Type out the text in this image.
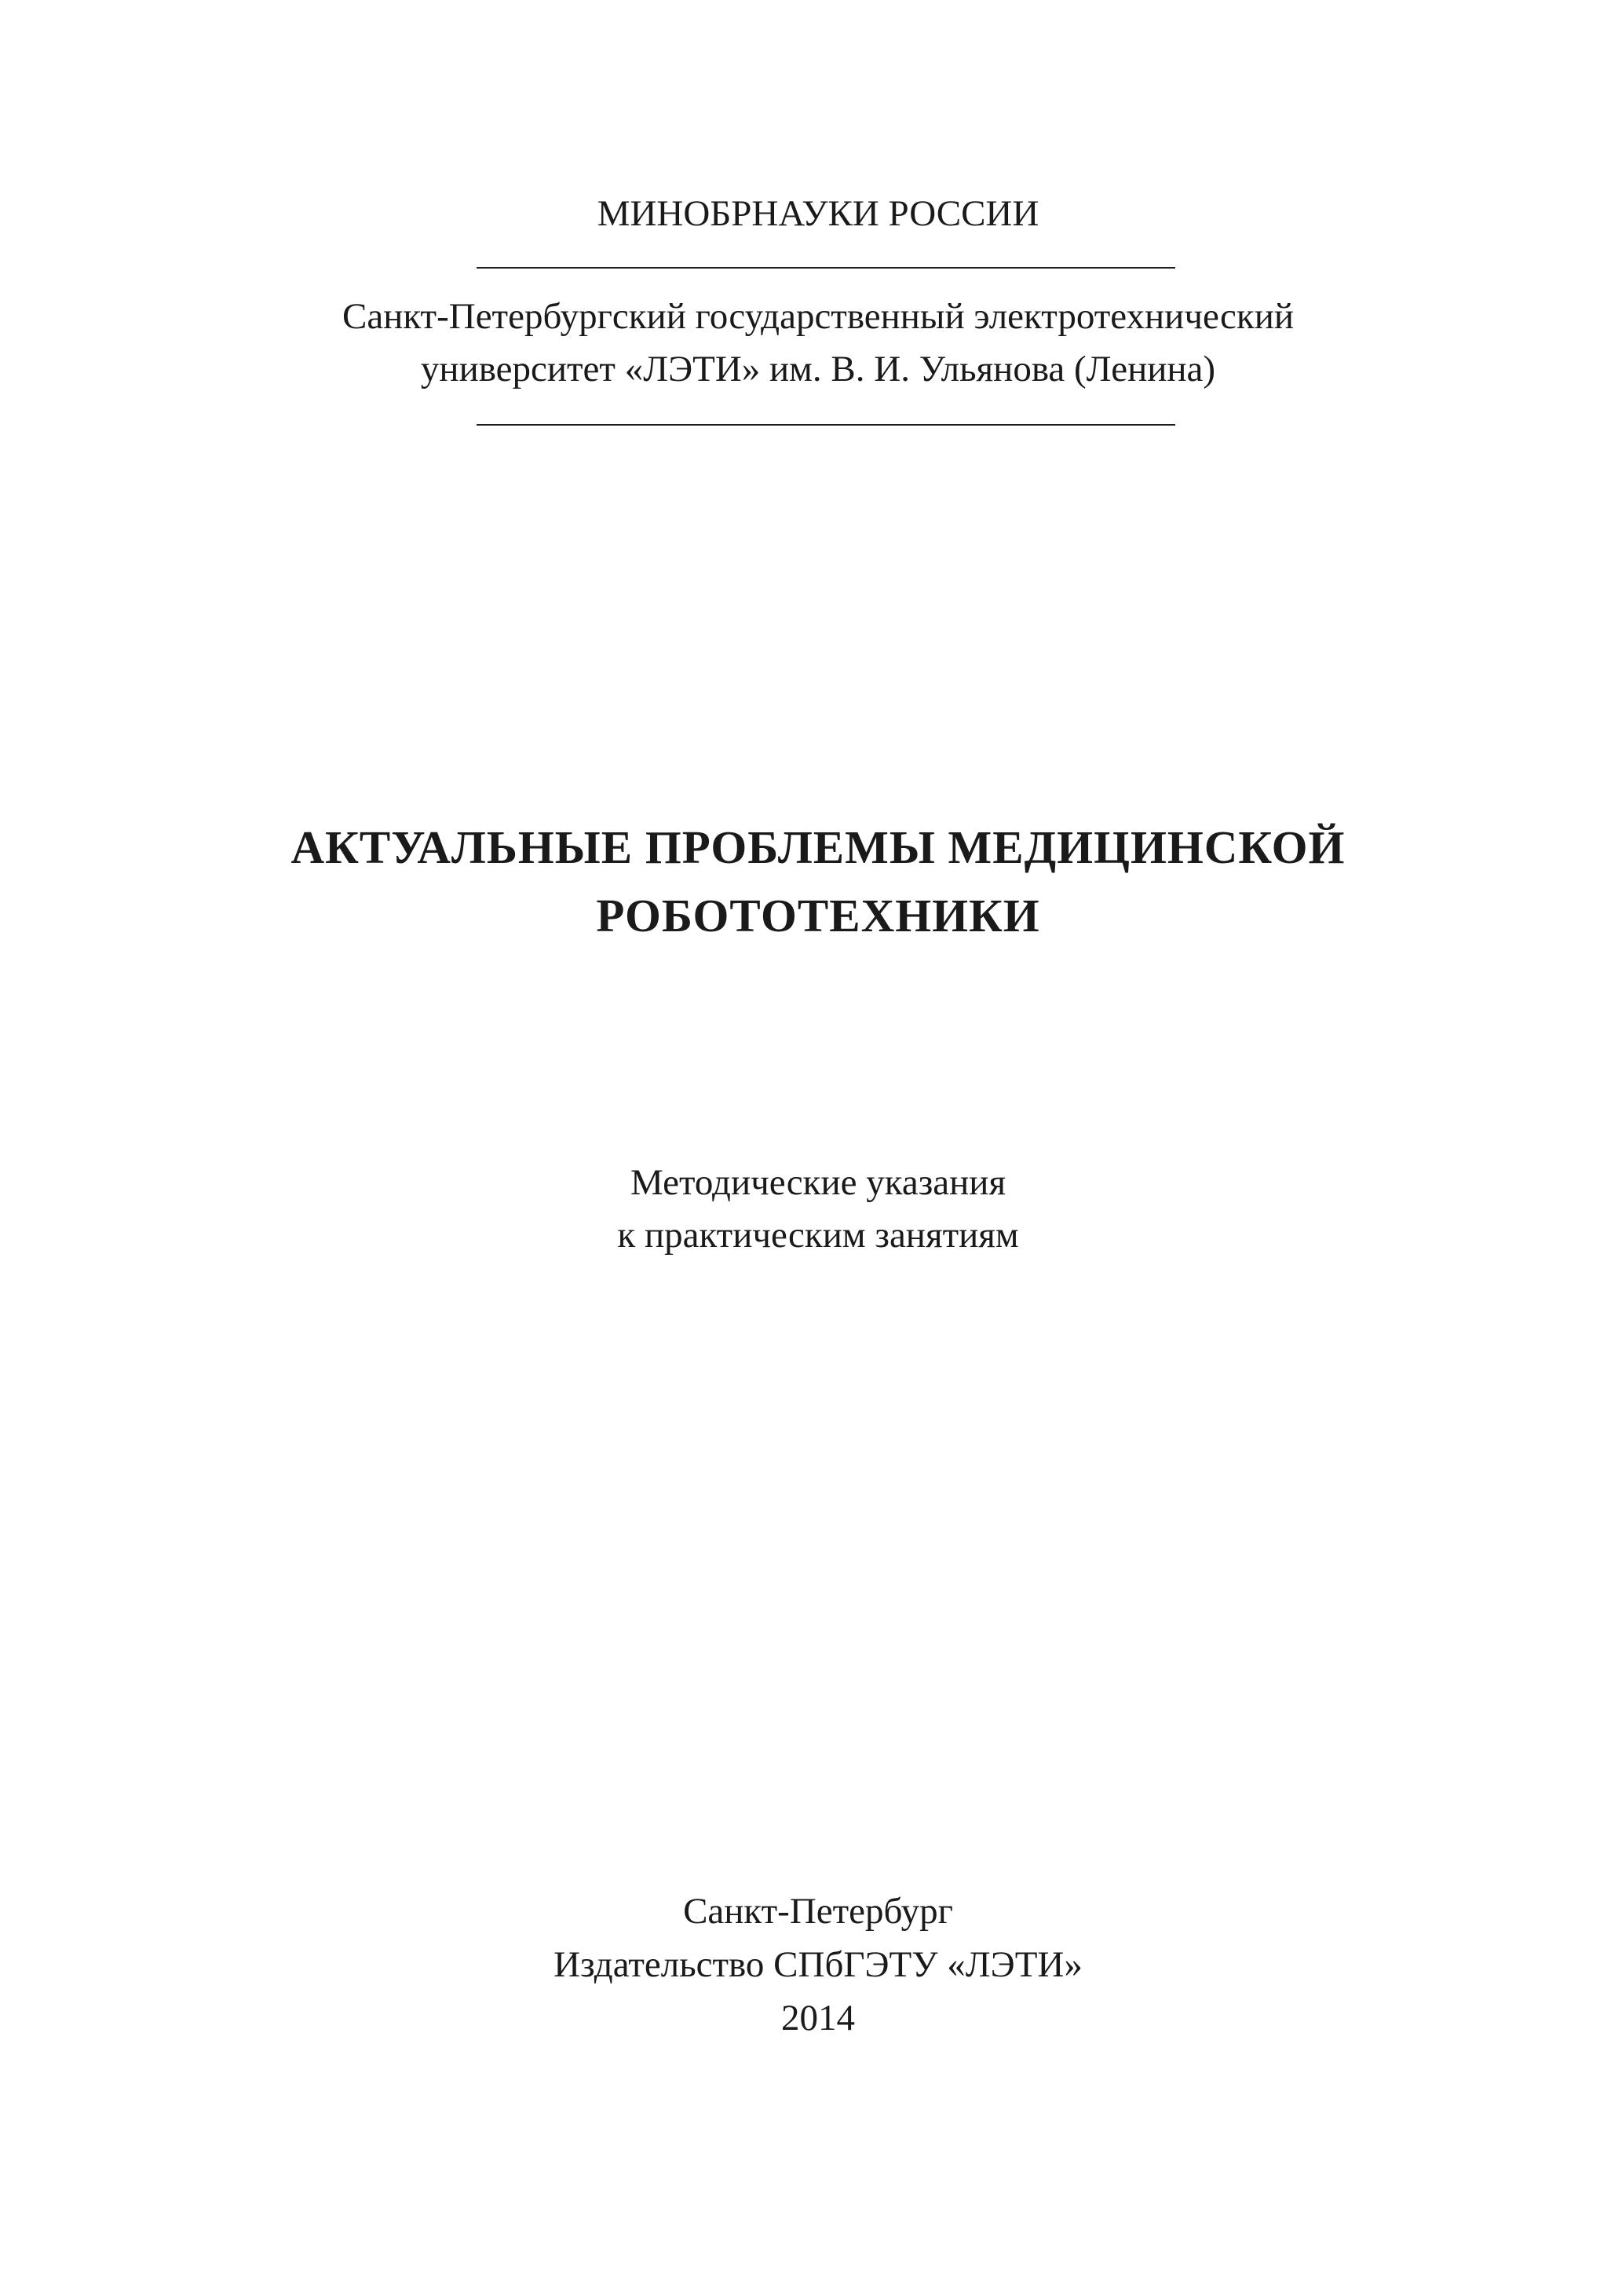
МИНОБРНАУКИ РОССИИ
Санкт-Петербургский государственный электротехнический
университет «ЛЭТИ» им. В. И. Ульянова (Ленина)
АКТУАЛЬНЫЕ ПРОБЛЕМЫ МЕДИЦИНСКОЙ
РОБОТОТЕХНИКИ
Методические указания
к практическим занятиям
Санкт-Петербург
Издательство СПбГЭТУ «ЛЭТИ»
2014
